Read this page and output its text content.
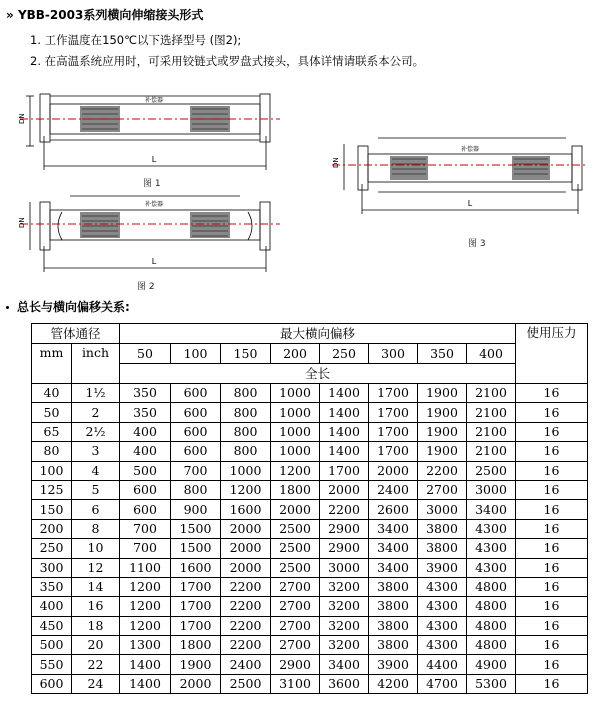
» YBB-2003系列横向伸缩接头形式
1. 工作温度在150℃以下选择型号 (图2);
2. 在高温系统应用时，可采用铰链式或罗盘式接头，具体详情请联系本公司。
DN
L
补偿器
图 1
DN
L
补偿器
图 2
DN
L
补偿器
图 3
总长与横向偏移关系:
管体通径		最大横向偏移								使用压力
mm	inch	50	100	150	200	250	300	350	400	
		全长								
40	1½	350	600	800	1000	1400	1700	1900	2100	16
50	2	350	600	800	1000	1400	1700	1900	2100	16
65	2½	400	600	800	1000	1400	1700	1900	2100	16
80	3	400	600	800	1000	1400	1700	1900	2100	16
100	4	500	700	1000	1200	1700	2000	2200	2500	16
125	5	600	800	1200	1800	2000	2400	2700	3000	16
150	6	600	900	1600	2000	2200	2600	3000	3400	16
200	8	700	1500	2000	2500	2900	3400	3800	4300	16
250	10	700	1500	2000	2500	2900	3400	3800	4300	16
300	12	1100	1600	2000	2500	3000	3400	3900	4300	16
350	14	1200	1700	2200	2700	3200	3800	4300	4800	16
400	16	1200	1700	2200	2700	3200	3800	4300	4800	16
450	18	1200	1700	2200	2700	3200	3800	4300	4800	16
500	20	1300	1800	2200	2700	3200	3800	4300	4800	16
550	22	1400	1900	2400	2900	3400	3900	4400	4900	16
600	24	1400	2000	2500	3100	3600	4200	4700	5300	16
